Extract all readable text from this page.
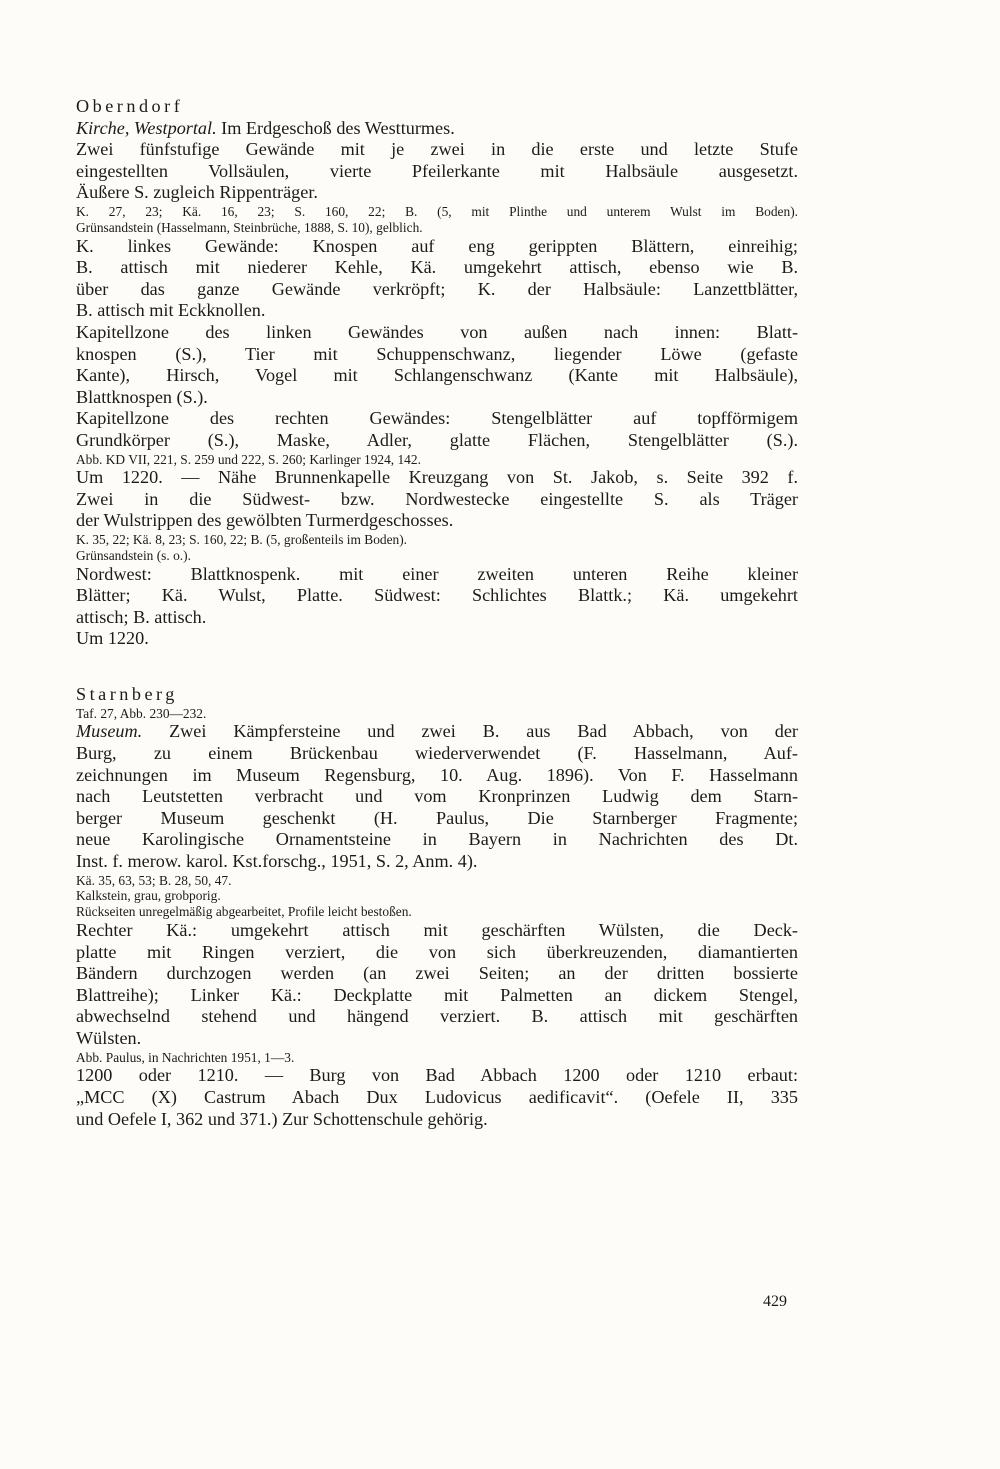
Oberndorf
Kirche, Westportal. Im Erdgeschoß des Westturmes.
Zwei fünfstufige Gewände mit je zwei in die erste und letzte Stufe
eingestellten Vollsäulen, vierte Pfeilerkante mit Halbsäule ausgesetzt.
Äußere S. zugleich Rippenträger.
K. 27, 23; Kä. 16, 23; S. 160, 22; B. (5, mit Plinthe und unterem Wulst im Boden).
Grünsandstein (Hasselmann, Steinbrüche, 1888, S. 10), gelblich.
K. linkes Gewände: Knospen auf eng gerippten Blättern, einreihig;
B. attisch mit niederer Kehle, Kä. umgekehrt attisch, ebenso wie B.
über das ganze Gewände verkröpft; K. der Halbsäule: Lanzettblätter,
B. attisch mit Eckknollen.
Kapitellzone des linken Gewändes von außen nach innen: Blatt-
knospen (S.), Tier mit Schuppenschwanz, liegender Löwe (gefaste
Kante), Hirsch, Vogel mit Schlangenschwanz (Kante mit Halbsäule),
Blattknospen (S.).
Kapitellzone des rechten Gewändes: Stengelblätter auf topfförmigem
Grundkörper (S.), Maske, Adler, glatte Flächen, Stengelblätter (S.).
Abb. KD VII, 221, S. 259 und 222, S. 260; Karlinger 1924, 142.
Um 1220. — Nähe Brunnenkapelle Kreuzgang von St. Jakob, s. Seite 392 f.
Zwei in die Südwest- bzw. Nordwestecke eingestellte S. als Träger
der Wulstrippen des gewölbten Turmerdgeschosses.
K. 35, 22; Kä. 8, 23; S. 160, 22; B. (5, großenteils im Boden).
Grünsandstein (s. o.).
Nordwest: Blattknospenk. mit einer zweiten unteren Reihe kleiner
Blätter; Kä. Wulst, Platte. Südwest: Schlichtes Blattk.; Kä. umgekehrt
attisch; B. attisch.
Um 1220.
Starnberg
Taf. 27, Abb. 230—232.
Museum. Zwei Kämpfersteine und zwei B. aus Bad Abbach, von der
Burg, zu einem Brückenbau wiederverwendet (F. Hasselmann, Auf-
zeichnungen im Museum Regensburg, 10. Aug. 1896). Von F. Hasselmann
nach Leutstetten verbracht und vom Kronprinzen Ludwig dem Starn-
berger Museum geschenkt (H. Paulus, Die Starnberger Fragmente;
neue Karolingische Ornamentsteine in Bayern in Nachrichten des Dt.
Inst. f. merow. karol. Kst.forschg., 1951, S. 2, Anm. 4).
Kä. 35, 63, 53; B. 28, 50, 47.
Kalkstein, grau, grobporig.
Rückseiten unregelmäßig abgearbeitet, Profile leicht bestoßen.
Rechter Kä.: umgekehrt attisch mit geschärften Wülsten, die Deck-
platte mit Ringen verziert, die von sich überkreuzenden, diamantierten
Bändern durchzogen werden (an zwei Seiten; an der dritten bossierte
Blattreihe); Linker Kä.: Deckplatte mit Palmetten an dickem Stengel,
abwechselnd stehend und hängend verziert. B. attisch mit geschärften
Wülsten.
Abb. Paulus, in Nachrichten 1951, 1—3.
1200 oder 1210. — Burg von Bad Abbach 1200 oder 1210 erbaut:
„MCC (X) Castrum Abach Dux Ludovicus aedificavit“. (Oefele II, 335
und Oefele I, 362 und 371.) Zur Schottenschule gehörig.
429
